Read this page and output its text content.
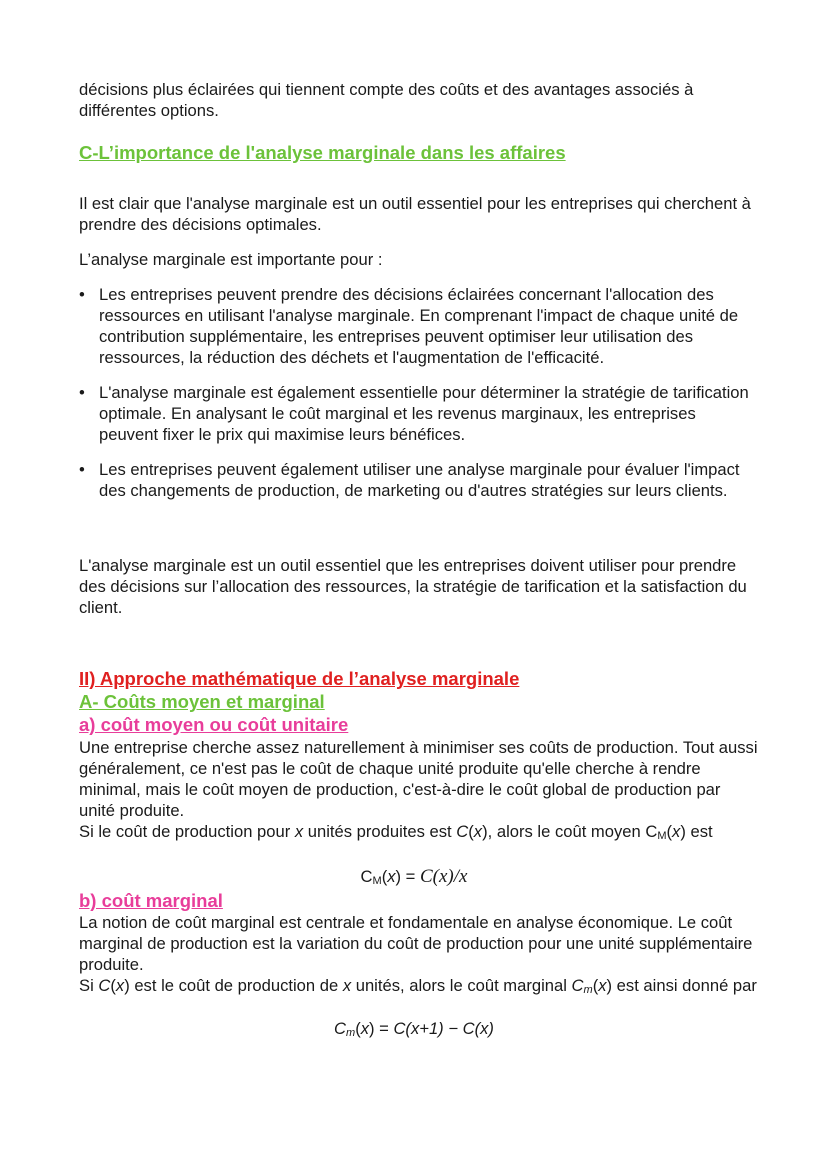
décisions plus éclairées qui tiennent compte des coûts et des avantages associés à différentes options.

C-L’importance de l'analyse marginale dans les affaires

Il est clair que l'analyse marginale est un outil essentiel pour les entreprises qui cherchent à prendre des décisions optimales.

L’analyse marginale est importante pour :

• Les entreprises peuvent prendre des décisions éclairées concernant l'allocation des ressources en utilisant l'analyse marginale. En comprenant l'impact de chaque unité de contribution supplémentaire, les entreprises peuvent optimiser leur utilisation des ressources, la réduction des déchets et l'augmentation de l'efficacité.
• L'analyse marginale est également essentielle pour déterminer la stratégie de tarification optimale. En analysant le coût marginal et les revenus marginaux, les entreprises peuvent fixer le prix qui maximise leurs bénéfices.
• Les entreprises peuvent également utiliser une analyse marginale pour évaluer l'impact des changements de production, de marketing ou d'autres stratégies sur leurs clients.

L'analyse marginale est un outil essentiel que les entreprises doivent utiliser pour prendre des décisions sur l’allocation des ressources, la stratégie de tarification et la satisfaction du client.

II) Approche mathématique de l’analyse marginale
A- Coûts moyen et marginal
a) coût moyen ou coût unitaire

Une entreprise cherche assez naturellement à minimiser ses coûts de production. Tout aussi généralement, ce n'est pas le coût de chaque unité produite qu'elle cherche à rendre minimal, mais le coût moyen de production, c'est-à-dire le coût global de production par unité produite.

Si le coût de production pour x unités produites est C(x), alors le coût moyen $C_M(x)$ est

$C_M(x) = C(x)/x$
b) coût marginal

La notion de coût marginal est centrale et fondamentale en analyse économique. Le coût marginal de production est la variation du coût de production pour une unité supplémentaire produite.

Si C(x) est le coût de production de x unités, alors le coût marginal $C_m(x)$ est ainsi donné par

$C_m(x) = C(x+1) - C(x)$
